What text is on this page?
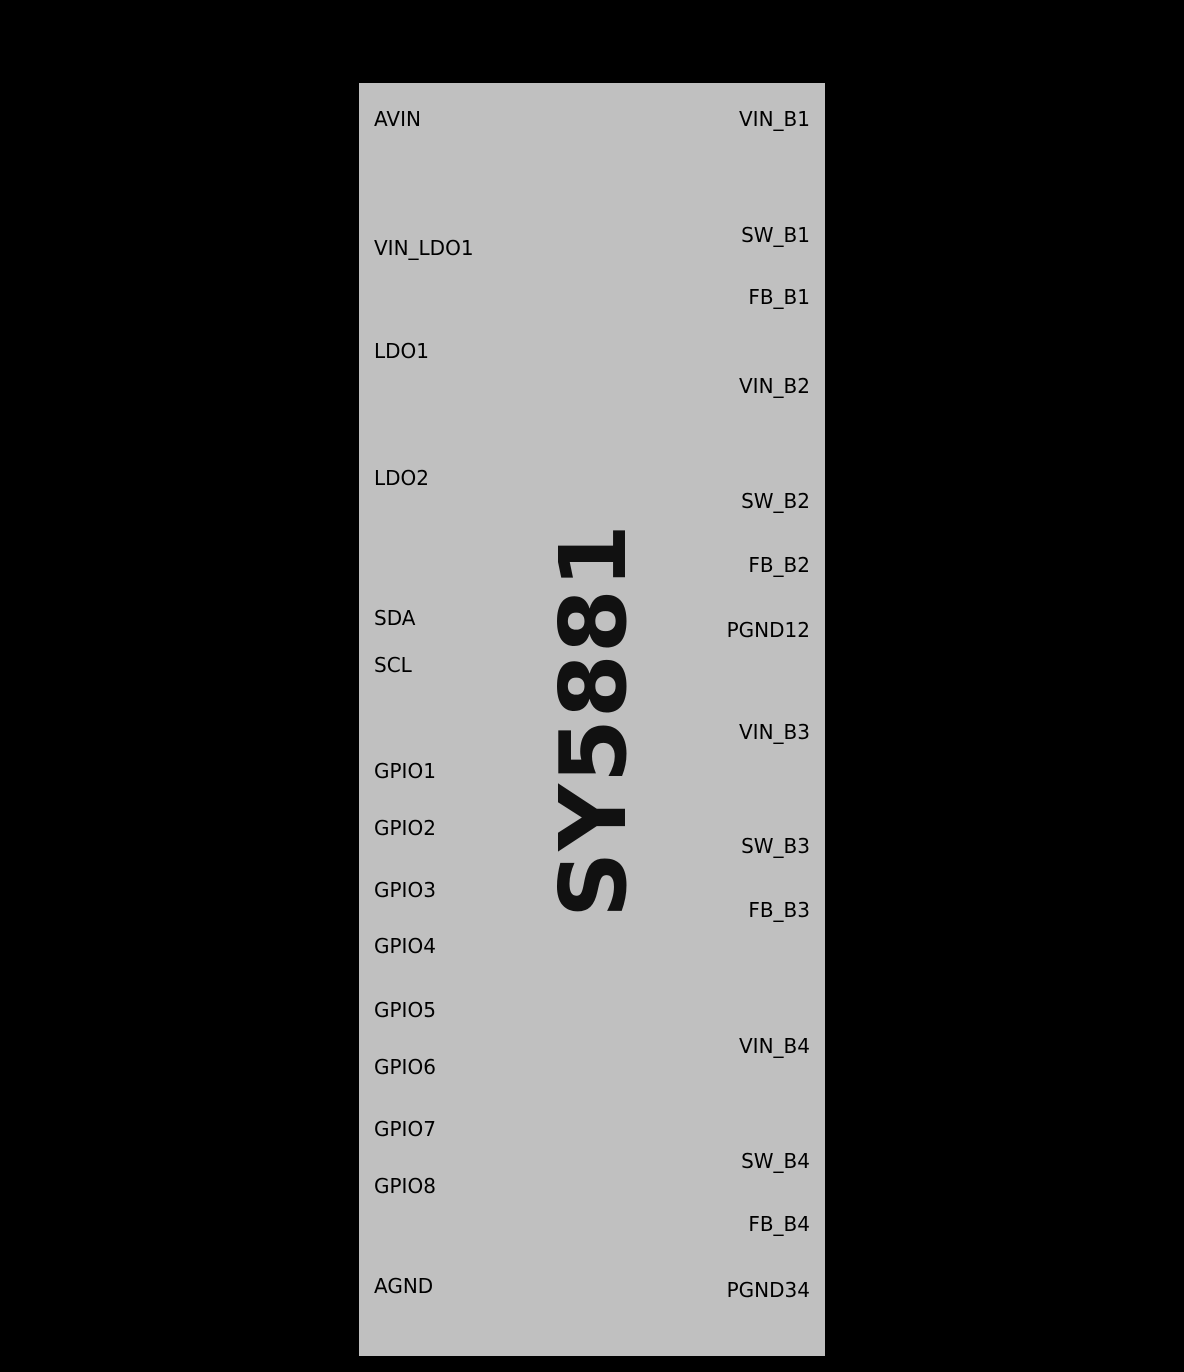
SY5881
AVIN
VIN_LDO1
LDO1
LDO2
SDA
SCL
GPIO1
GPIO2
GPIO3
GPIO4
GPIO5
GPIO6
GPIO7
GPIO8
AGND
VIN_B1
SW_B1
FB_B1
VIN_B2
SW_B2
FB_B2
PGND12
VIN_B3
SW_B3
FB_B3
VIN_B4
SW_B4
FB_B4
PGND34
